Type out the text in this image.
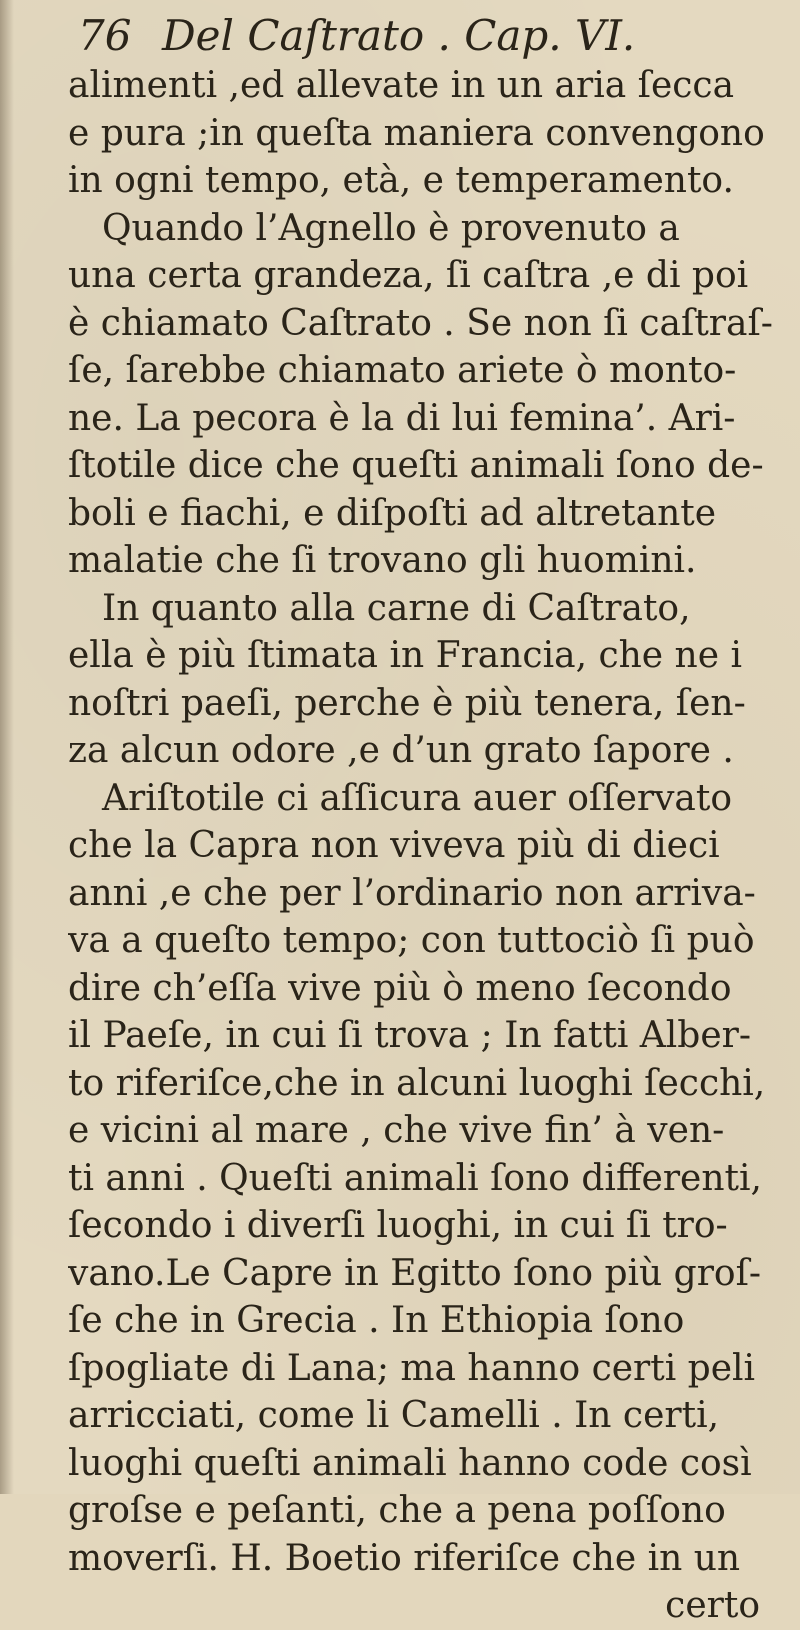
76 Del Caſtrato . Cap. VI.
alimenti ,ed allevate in un aria ſecca
e pura ;in queſta maniera convengono
in ogni tempo, età, e temperamento.
Quando l’Agnello è provenuto a
una certa grandeza, ſi caſtra ,e di poi
è chiamato Caſtrato . Se non ſi caſtraſ-
ſe, ſarebbe chiamato ariete ò monto-
ne. La pecora è la di lui femina’. Ari-
ſtotile dice che queſti animali ſono de-
boli e fiachi, e diſpoſti ad altretante
malatie che ſi trovano gli huomini.
In quanto alla carne di Caſtrato,
ella è più ſtimata in Francia, che ne i
noſtri paeſi, perche è più tenera, ſen-
za alcun odore ,e d’un grato ſapore .
Ariſtotile ci aſſicura auer oſſervato
che la Capra non viveva più di dieci
anni ,e che per l’ordinario non arriva-
va a queſto tempo; con tuttociò ſi può
dire ch’eſſa vive più ò meno ſecondo
il Paeſe, in cui ſi trova ; In fatti Alber-
to riferiſce,che in alcuni luoghi ſecchi,
e vicini al mare , che vive fin’ à ven-
ti anni . Queſti animali ſono differenti,
ſecondo i diverſi luoghi, in cui ſi tro-
vano.Le Capre in Egitto ſono più groſ-
ſe che in Grecia . In Ethiopia ſono
ſpogliate di Lana; ma hanno certi peli
arricciati, come li Camelli . In certi,
luoghi queſti animali hanno code così
groſse e peſanti, che a pena poſſono
moverſi. H. Boetio riferiſce che in un
certo
